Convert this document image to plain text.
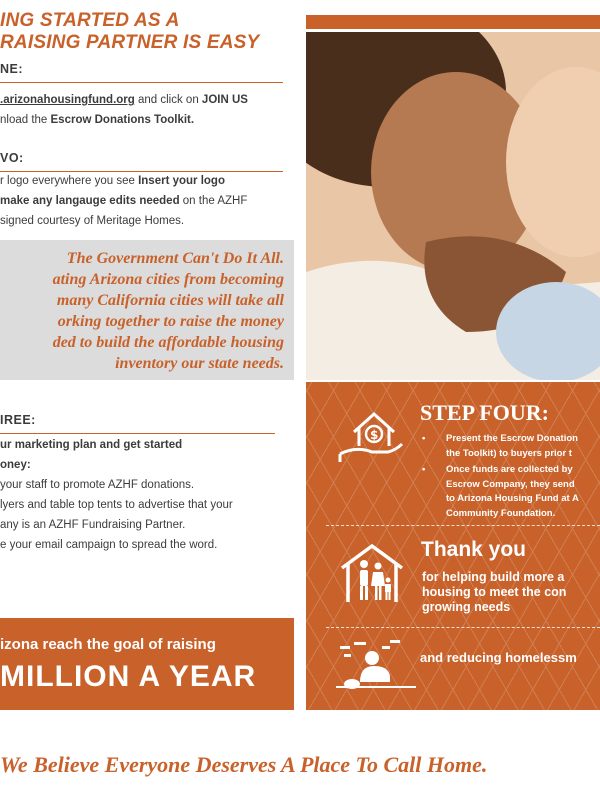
ING STARTED AS A
RAISING PARTNER IS EASY
NE:
.arizonahousingfund.org and click on JOIN US
nload the Escrow Donations Toolkit.
VO:
r logo everywhere you see Insert your logo
make any langauge edits needed on the AZHF
signed courtesy of Meritage Homes.
The Government Can't Do It All.
ating Arizona cities from becoming
many California cities will take all
orking together to raise the money
ded to build the affordable housing
inventory our state needs.
IREE:
ur marketing plan and get started
oney:
your staff to promote AZHF donations.
lyers and table top tents to advertise that your
any is an AZHF Fundraising Partner.
e your email campaign to spread the word.
izona reach the goal of raising
MILLION A YEAR
We Believe Everyone Deserves A Place To Call Home.
$
STEP FOUR:
• Present the Escrow Donation
the Toolkit) to buyers prior t
• Once funds are collected by
Escrow Company, they send
to Arizona Housing Fund at A
Community Foundation.
Thank you
for helping build more a
housing to meet the con
growing needs
and reducing homelessm
